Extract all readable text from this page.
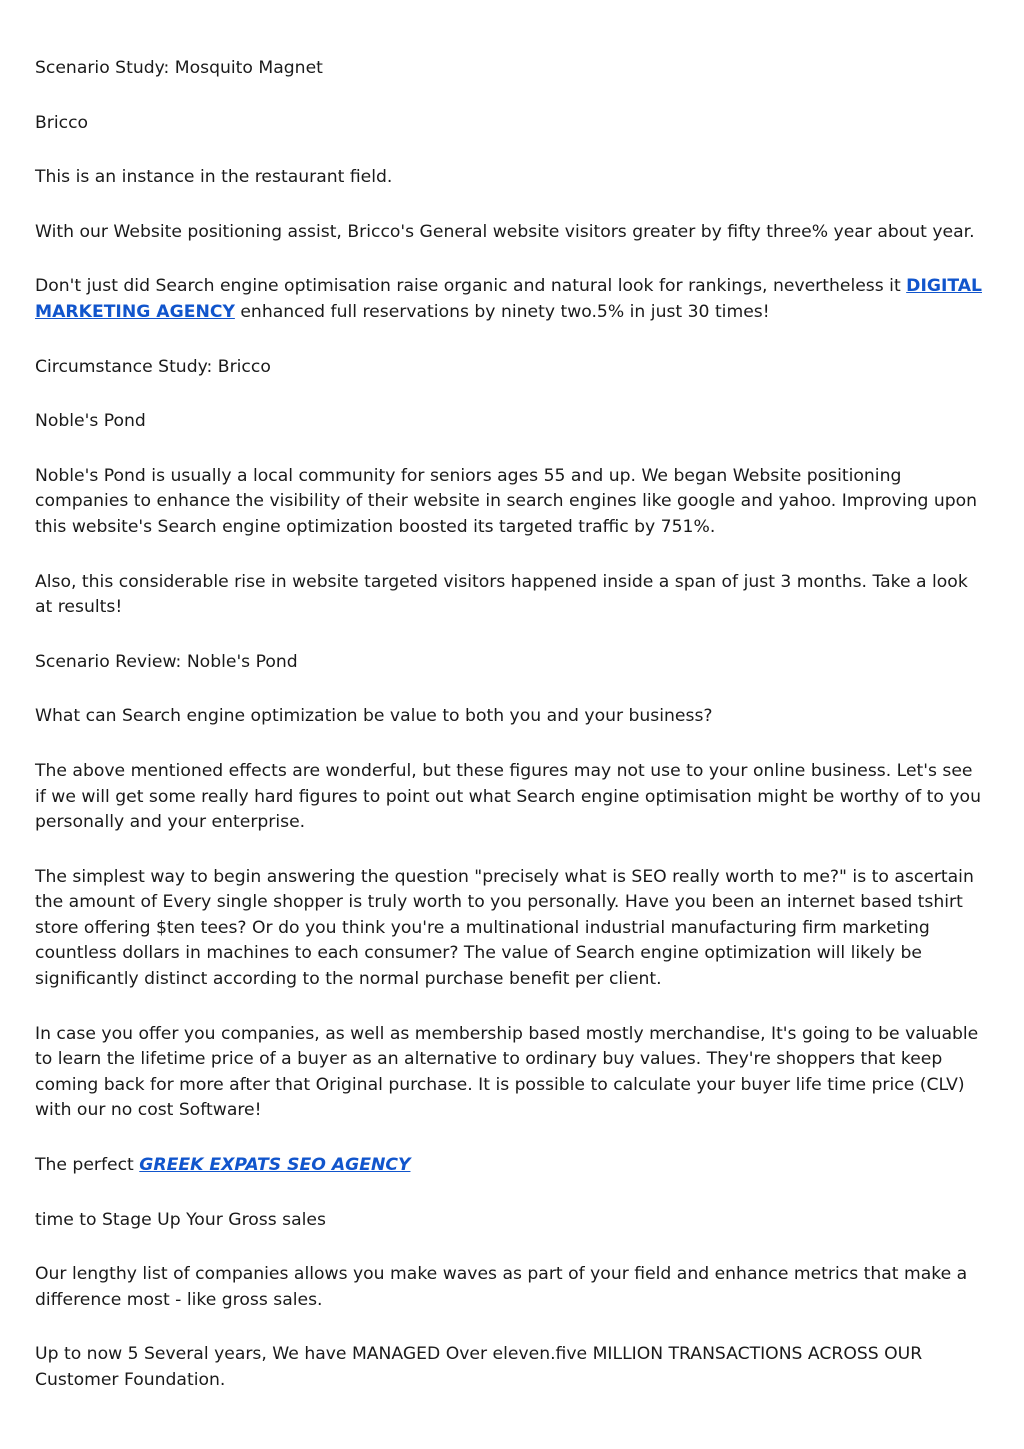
Scenario Study: Mosquito Magnet

Bricco

This is an instance in the restaurant field.

With our Website positioning assist, Bricco's General website visitors greater by fifty three% year about year.

Don't just did Search engine optimisation raise organic and natural look for rankings, nevertheless it DIGITAL MARKETING AGENCY enhanced full reservations by ninety two.5% in just 30 times!

Circumstance Study: Bricco

Noble's Pond

Noble's Pond is usually a local community for seniors ages 55 and up. We began Website positioning companies to enhance the visibility of their website in search engines like google and yahoo. Improving upon this website's Search engine optimization boosted its targeted traffic by 751%.

Also, this considerable rise in website targeted visitors happened inside a span of just 3 months. Take a look at results!

Scenario Review: Noble's Pond

What can Search engine optimization be value to both you and your business?

The above mentioned effects are wonderful, but these figures may not use to your online business. Let's see if we will get some really hard figures to point out what Search engine optimisation might be worthy of to you personally and your enterprise.

The simplest way to begin answering the question "precisely what is SEO really worth to me?" is to ascertain the amount of Every single shopper is truly worth to you personally. Have you been an internet based tshirt store offering $ten tees? Or do you think you're a multinational industrial manufacturing firm marketing countless dollars in machines to each consumer? The value of Search engine optimization will likely be significantly distinct according to the normal purchase benefit per client.

In case you offer you companies, as well as membership based mostly merchandise, It's going to be valuable to learn the lifetime price of a buyer as an alternative to ordinary buy values. They're shoppers that keep coming back for more after that Original purchase. It is possible to calculate your buyer life time price (CLV) with our no cost Software!

The perfect GREEK EXPATS SEO AGENCY

time to Stage Up Your Gross sales

Our lengthy list of companies allows you make waves as part of your field and enhance metrics that make a difference most - like gross sales.

Up to now 5 Several years, We have MANAGED Over eleven.five MILLION TRANSACTIONS ACROSS OUR Customer Foundation.
